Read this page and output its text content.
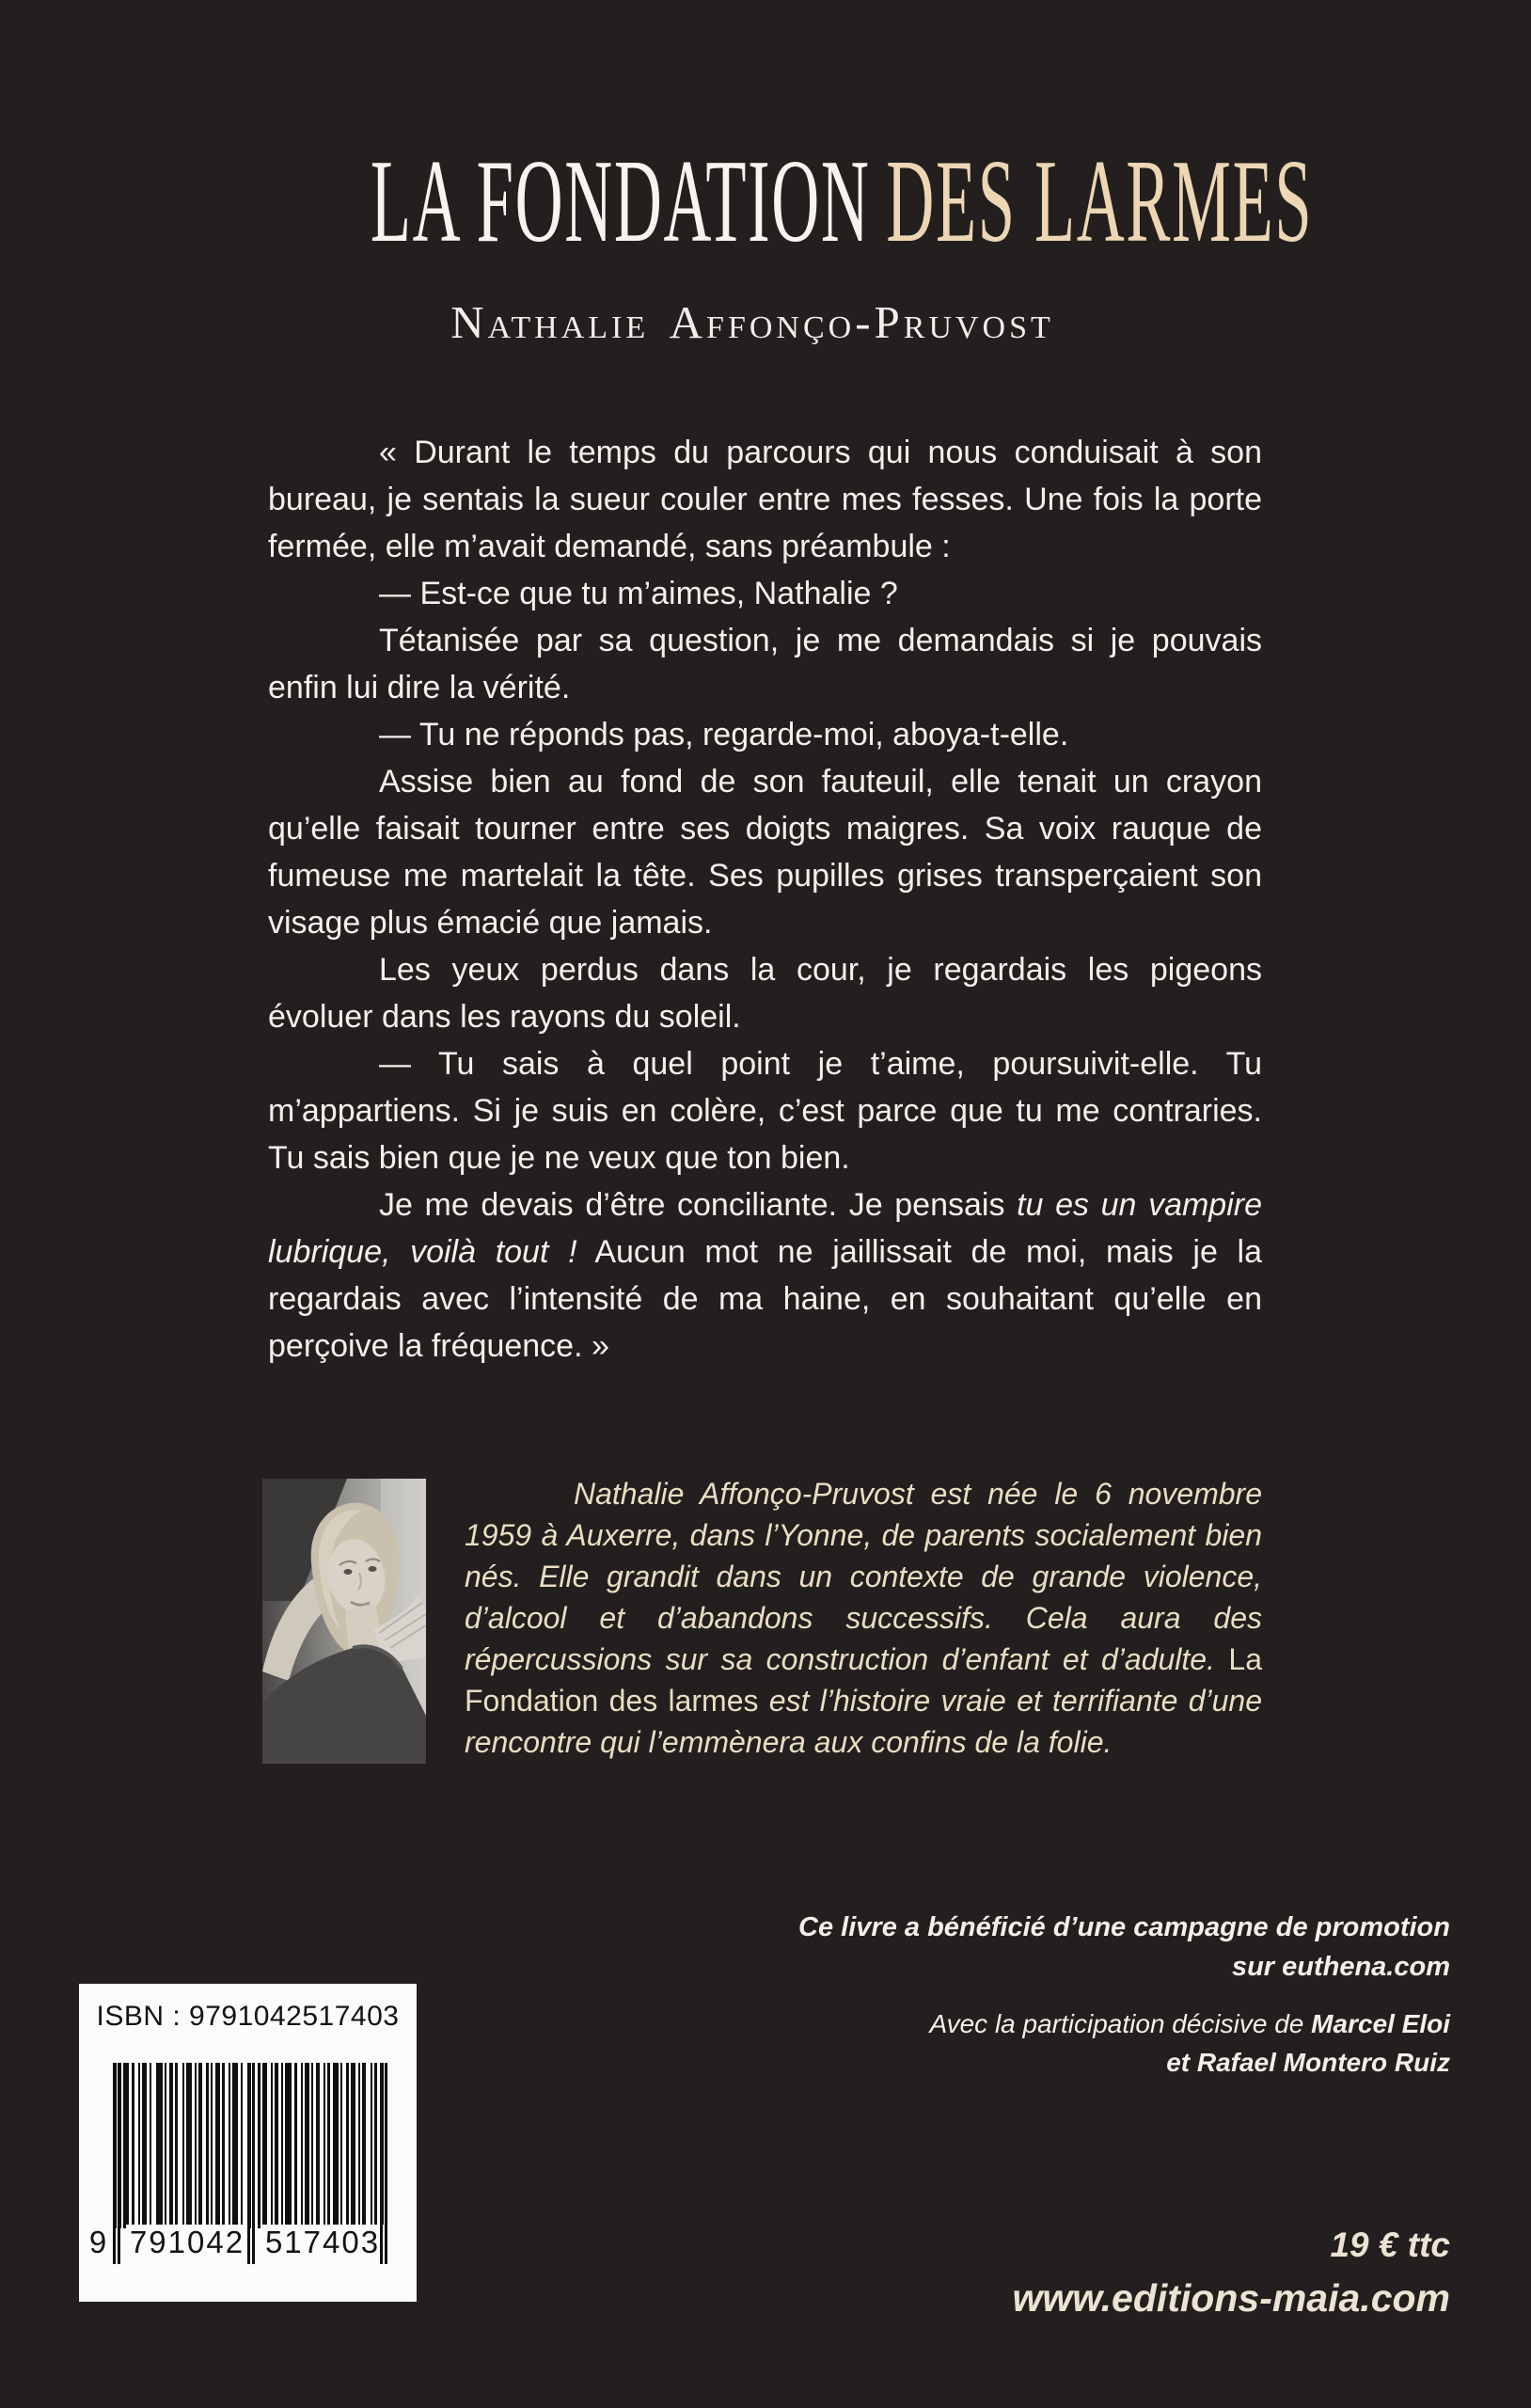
LA FONDATION DES LARMES
Nathalie Affonço-Pruvost

« Durant le temps du parcours qui nous conduisait à son bureau, je sentais la sueur couler entre mes fesses. Une fois la porte fermée, elle m’avait demandé, sans préambule :

— Est-ce que tu m’aimes, Nathalie ?

Tétanisée par sa question, je me demandais si je pouvais enfin lui dire la vérité.

— Tu ne réponds pas, regarde-moi, aboya-t-elle.

Assise bien au fond de son fauteuil, elle tenait un crayon qu’elle faisait tourner entre ses doigts maigres. Sa voix rauque de fumeuse me martelait la tête. Ses pupilles grises transperçaient son visage plus émacié que jamais.

Les yeux perdus dans la cour, je regardais les pigeons évoluer dans les rayons du soleil.

— Tu sais à quel point je t’aime, poursuivit-elle. Tu m’appartiens. Si je suis en colère, c’est parce que tu me contraries. Tu sais bien que je ne veux que ton bien.

Je me devais d’être conciliante. Je pensais tu es un vampire lubrique, voilà tout ! Aucun mot ne jaillissait de moi, mais je la regardais avec l’intensité de ma haine, en souhaitant qu’elle en perçoive la fréquence. »

Nathalie Affonço-Pruvost est née le 6 novembre 1959 à Auxerre, dans l’Yonne, de parents socialement bien nés. Elle grandit dans un contexte de grande violence, d’alcool et d’abandons successifs. Cela aura des répercussions sur sa construction d’enfant et d’adulte. La Fondation des larmes est l’histoire vraie et terrifiante d’une rencontre qui l’emmènera aux confins de la folie.

Ce livre a bénéficié d’une campagne de promotion
sur euthena.com
Avec la participation décisive de Marcel Eloi
et Rafael Montero Ruiz
ISBN : 9791042517403
9 791042 517403	19 € ttc
www.editions-maia.com
